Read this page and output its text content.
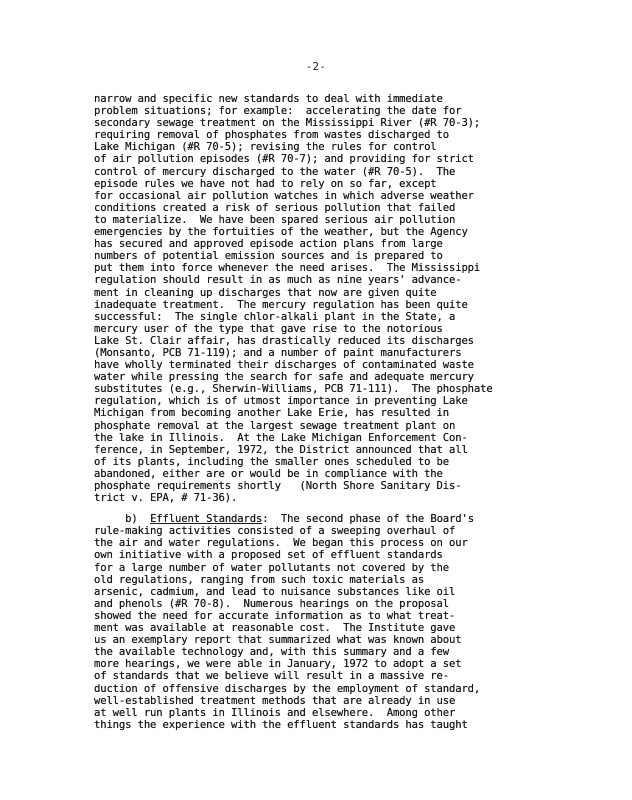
-2-
narrow and specific new standards to deal with immediate
problem situations; for example:  accelerating the date for
secondary sewage treatment on the Mississippi River (#R 70-3);
requiring removal of phosphates from wastes discharged to
Lake Michigan (#R 70-5); revising the rules for control
of air pollution episodes (#R 70-7); and providing for strict
control of mercury discharged to the water (#R 70-5).  The
episode rules we have not had to rely on so far, except
for occasional air pollution watches in which adverse weather
conditions created a risk of serious pollution that failed
to materialize.  We have been spared serious air pollution
emergencies by the fortuities of the weather, but the Agency
has secured and approved episode action plans from large
numbers of potential emission sources and is prepared to
put them into force whenever the need arises.  The Mississippi
regulation should result in as much as nine years' advance-
ment in cleaning up discharges that now are given quite
inadequate treatment.  The mercury regulation has been quite
successful:  The single chlor-alkali plant in the State, a
mercury user of the type that gave rise to the notorious
Lake St. Clair affair, has drastically reduced its discharges
(Monsanto, PCB 71-119); and a number of paint manufacturers
have wholly terminated their discharges of contaminated waste
water while pressing the search for safe and adequate mercury
substitutes (e.g., Sherwin-Williams, PCB 71-111).  The phosphate
regulation, which is of utmost importance in preventing Lake
Michigan from becoming another Lake Erie, has resulted in
phosphate removal at the largest sewage treatment plant on
the lake in Illinois.  At the Lake Michigan Enforcement Con-
ference, in September, 1972, the District announced that all
of its plants, including the smaller ones scheduled to be
abandoned, either are or would be in compliance with the
phosphate requirements shortly   (North Shore Sanitary Dis-
trict v. EPA, # 71-36).
b) Effluent Standards:  The second phase of the Board's
rule-making activities consisted of a sweeping overhaul of
the air and water regulations.  We began this process on our
own initiative with a proposed set of effluent standards
for a large number of water pollutants not covered by the
old regulations, ranging from such toxic materials as
arsenic, cadmium, and lead to nuisance substances like oil
and phenols (#R 70-8).  Numerous hearings on the proposal
showed the need for accurate information as to what treat-
ment was available at reasonable cost.  The Institute gave
us an exemplary report that summarized what was known about
the available technology and, with this summary and a few
more hearings, we were able in January, 1972 to adopt a set
of standards that we believe will result in a massive re-
duction of offensive discharges by the employment of standard,
well-established treatment methods that are already in use
at well run plants in Illinois and elsewhere.  Among other
things the experience with the effluent standards has taught
